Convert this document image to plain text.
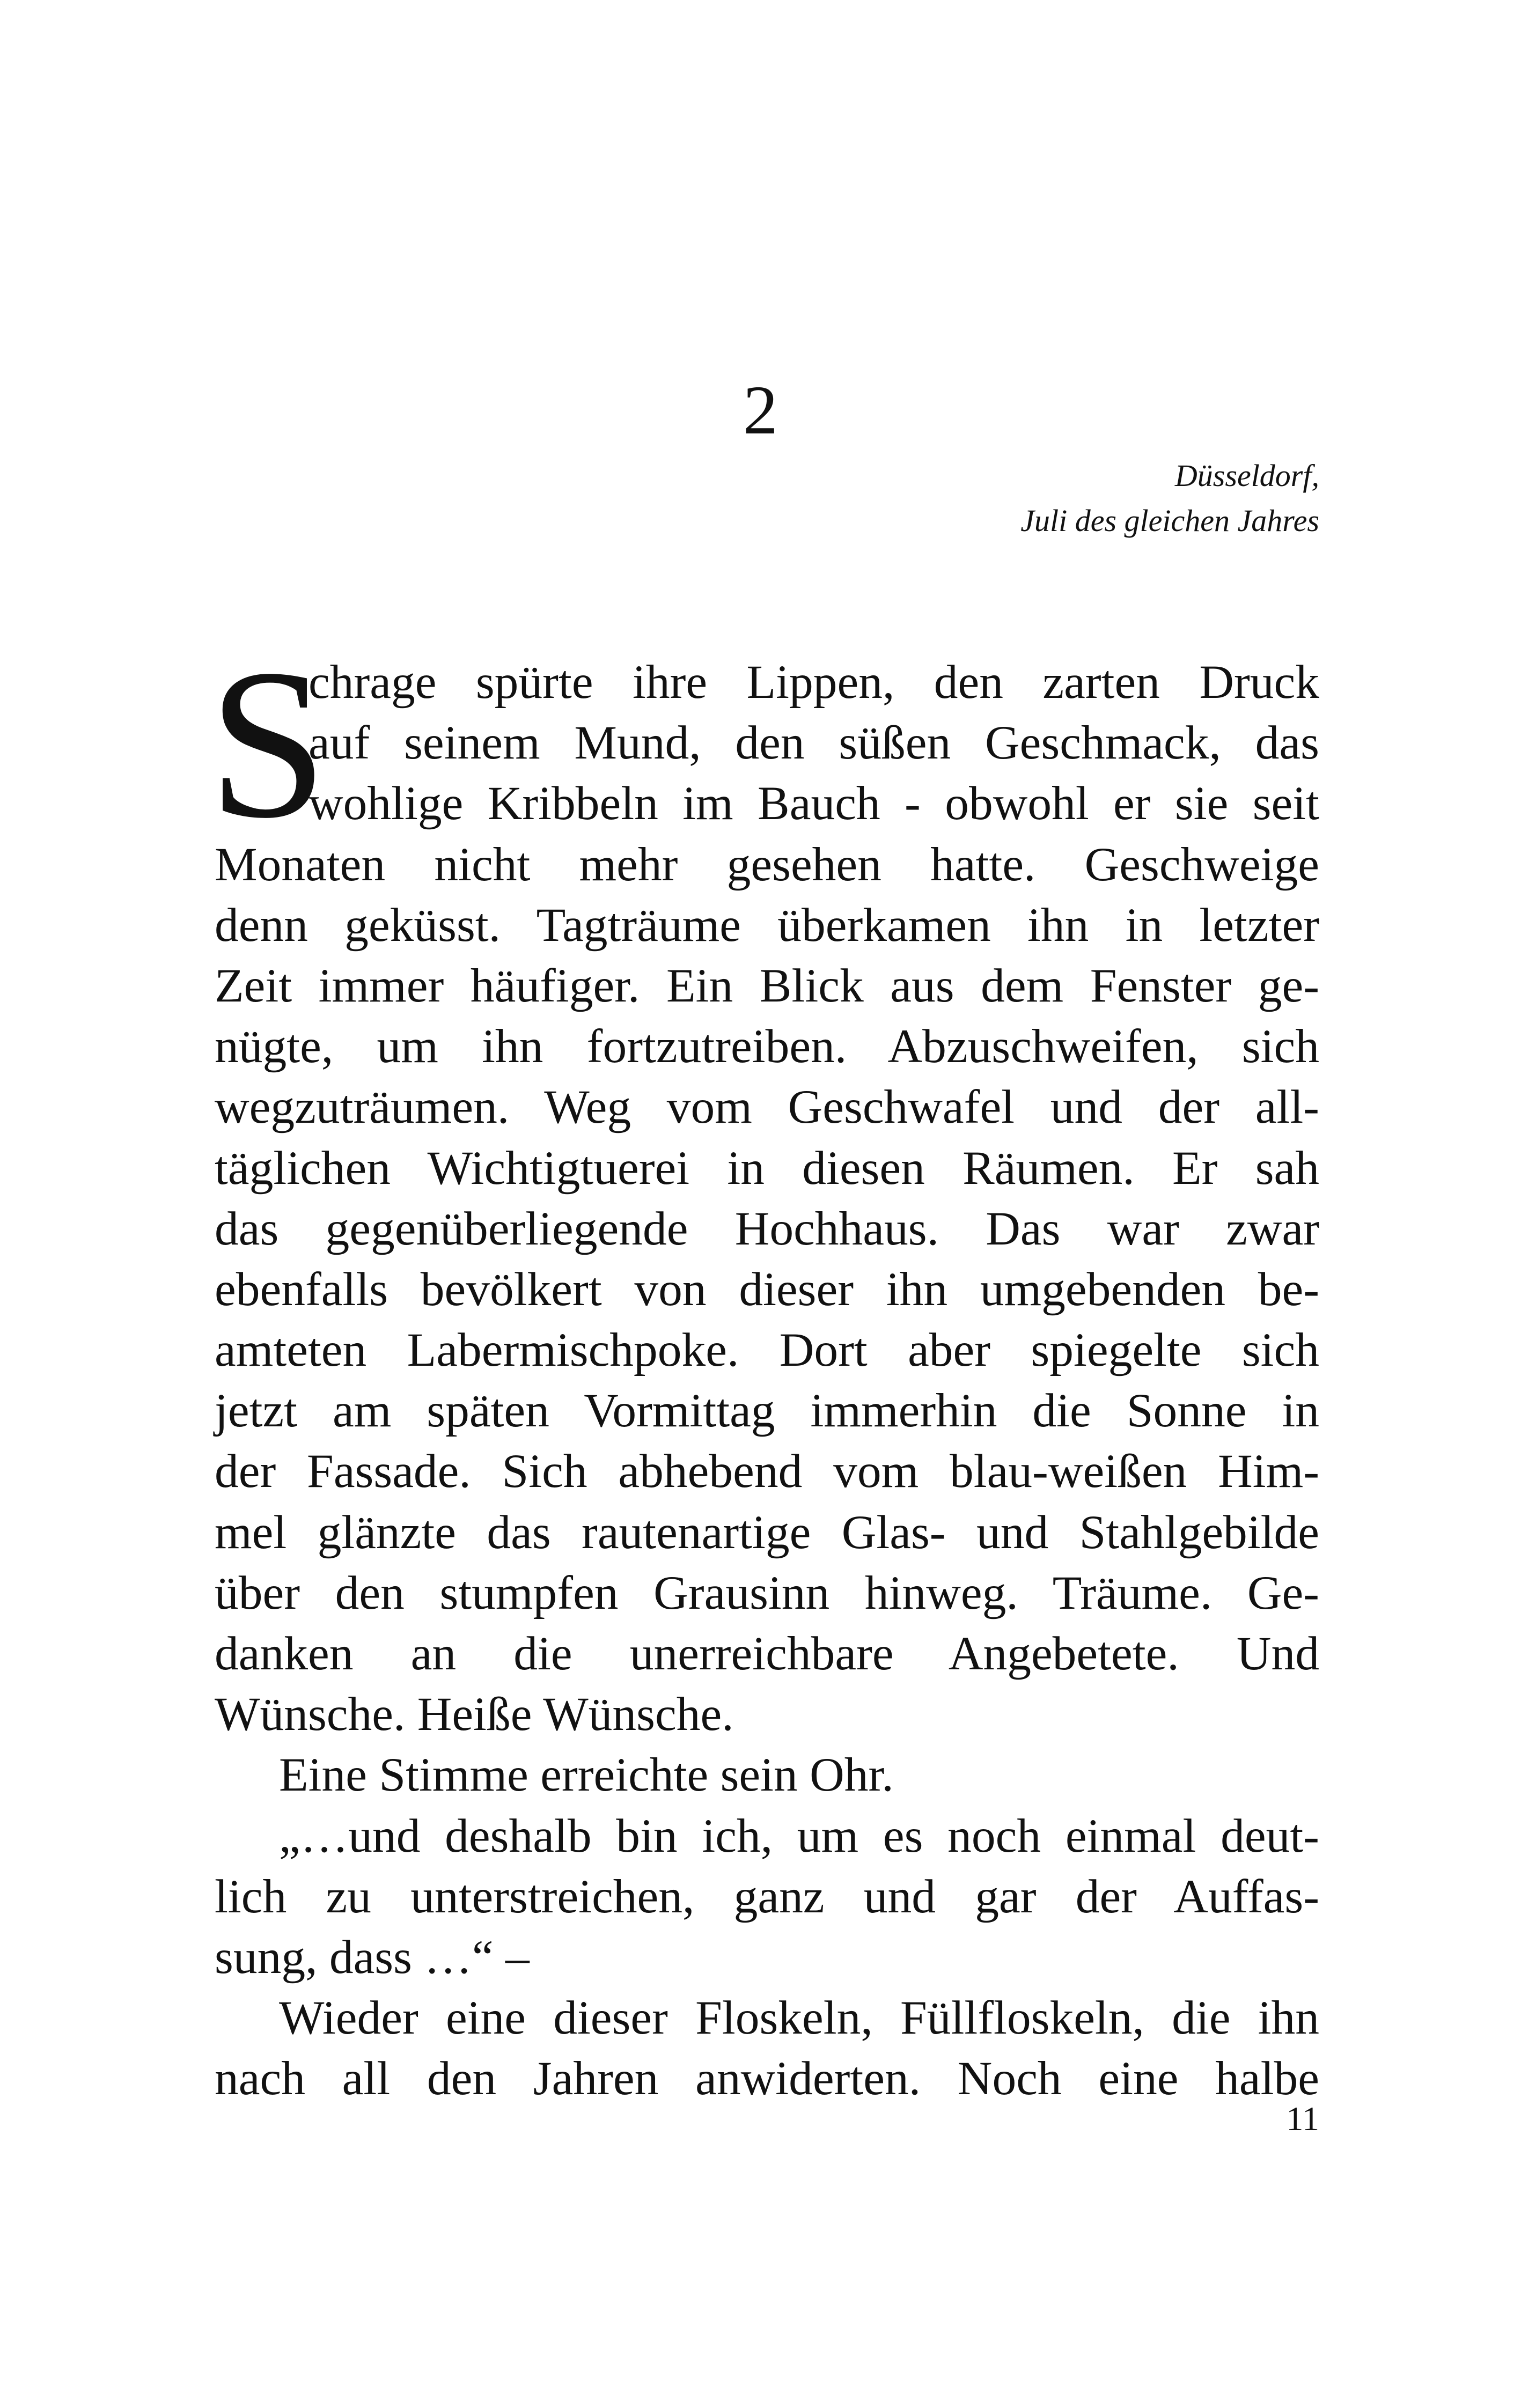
2
Düsseldorf,
Juli des gleichen Jahres
S
chrage spürte ihre Lippen, den zarten Druck
auf seinem Mund, den süßen Geschmack, das
wohlige Kribbeln im Bauch - obwohl er sie seit
Monaten nicht mehr gesehen hatte. Geschweige
denn geküsst. Tagträume überkamen ihn in letzter
Zeit immer häufiger. Ein Blick aus dem Fenster ge-
nügte, um ihn fortzutreiben. Abzuschweifen, sich
wegzuträumen. Weg vom Geschwafel und der all-
täglichen Wichtigtuerei in diesen Räumen. Er sah
das gegenüberliegende Hochhaus. Das war zwar
ebenfalls bevölkert von dieser ihn umgebenden be-
amteten Labermischpoke. Dort aber spiegelte sich
jetzt am späten Vormittag immerhin die Sonne in
der Fassade. Sich abhebend vom blau-weißen Him-
mel glänzte das rautenartige Glas- und Stahlgebilde
über den stumpfen Grausinn hinweg. Träume. Ge-
danken an die unerreichbare Angebetete. Und
Wünsche. Heiße Wünsche.
Eine Stimme erreichte sein Ohr.
„…und deshalb bin ich, um es noch einmal deut-
lich zu unterstreichen, ganz und gar der Auffas-
sung, dass …“ –
Wieder eine dieser Floskeln, Füllfloskeln, die ihn
nach all den Jahren anwiderten. Noch eine halbe
11
